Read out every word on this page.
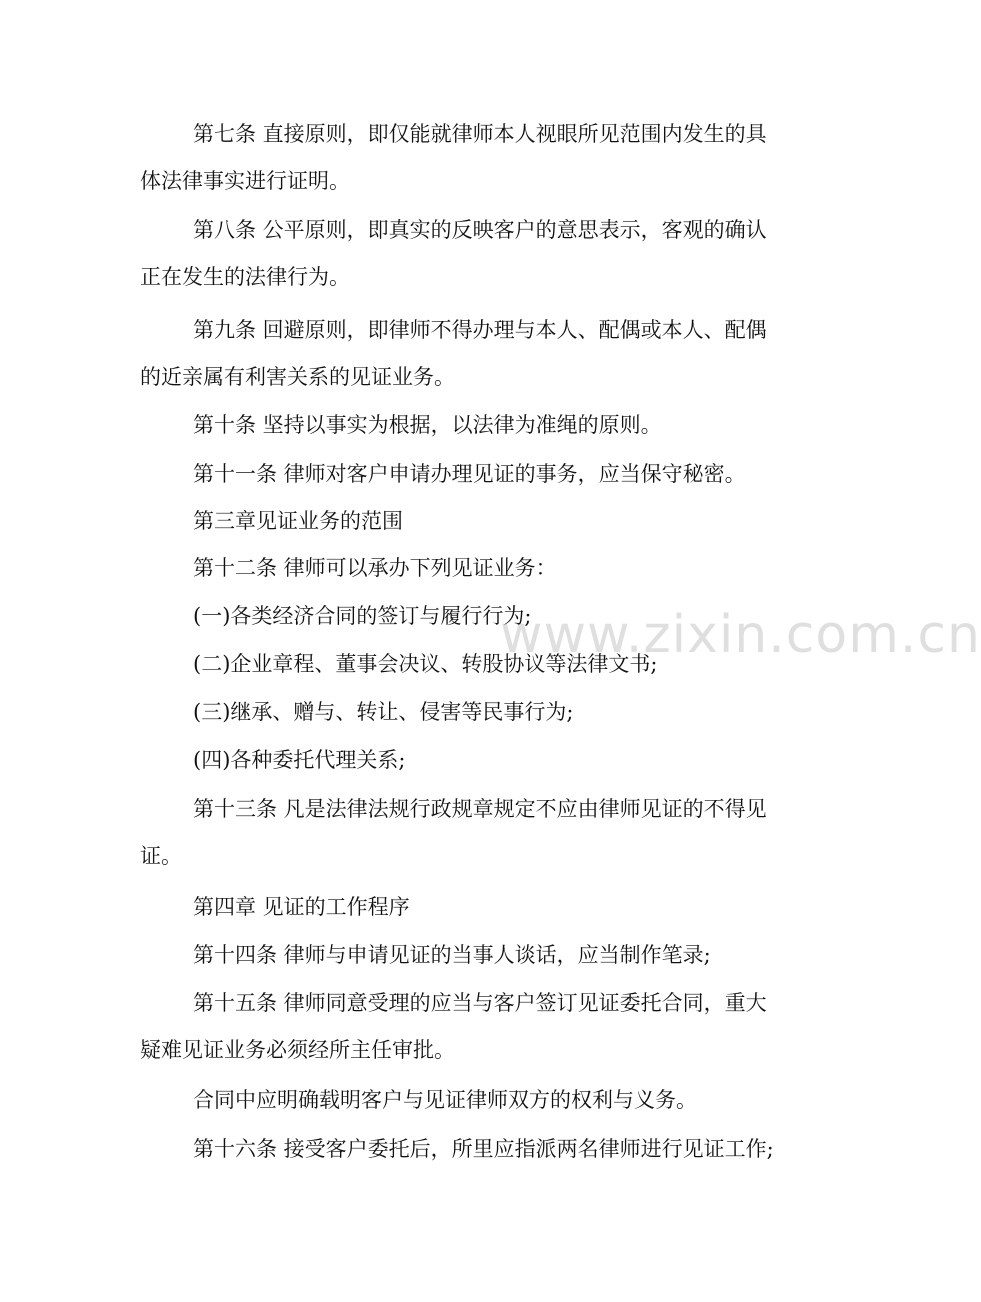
第七条 直接原则，即仅能就律师本人视眼所见范围内发生的具
体法律事实进行证明。

第八条 公平原则，即真实的反映客户的意思表示，客观的确认
正在发生的法律行为。

第九条 回避原则，即律师不得办理与本人、配偶或本人、配偶
的近亲属有利害关系的见证业务。

第十条 坚持以事实为根据，以法律为准绳的原则。

第十一条 律师对客户申请办理见证的事务，应当保守秘密。

第三章见证业务的范围

第十二条 律师可以承办下列见证业务：

(一)各类经济合同的签订与履行行为;

(二)企业章程、董事会决议、转股协议等法律文书;

(三)继承、赠与、转让、侵害等民事行为;

(四)各种委托代理关系;

第十三条 凡是法律法规行政规章规定不应由律师见证的不得见
证。

第四章 见证的工作程序

第十四条 律师与申请见证的当事人谈话，应当制作笔录;

第十五条 律师同意受理的应当与客户签订见证委托合同，重大
疑难见证业务必须经所主任审批。

合同中应明确载明客户与见证律师双方的权利与义务。

第十六条 接受客户委托后，所里应指派两名律师进行见证工作;

www.zixin.com.cn
